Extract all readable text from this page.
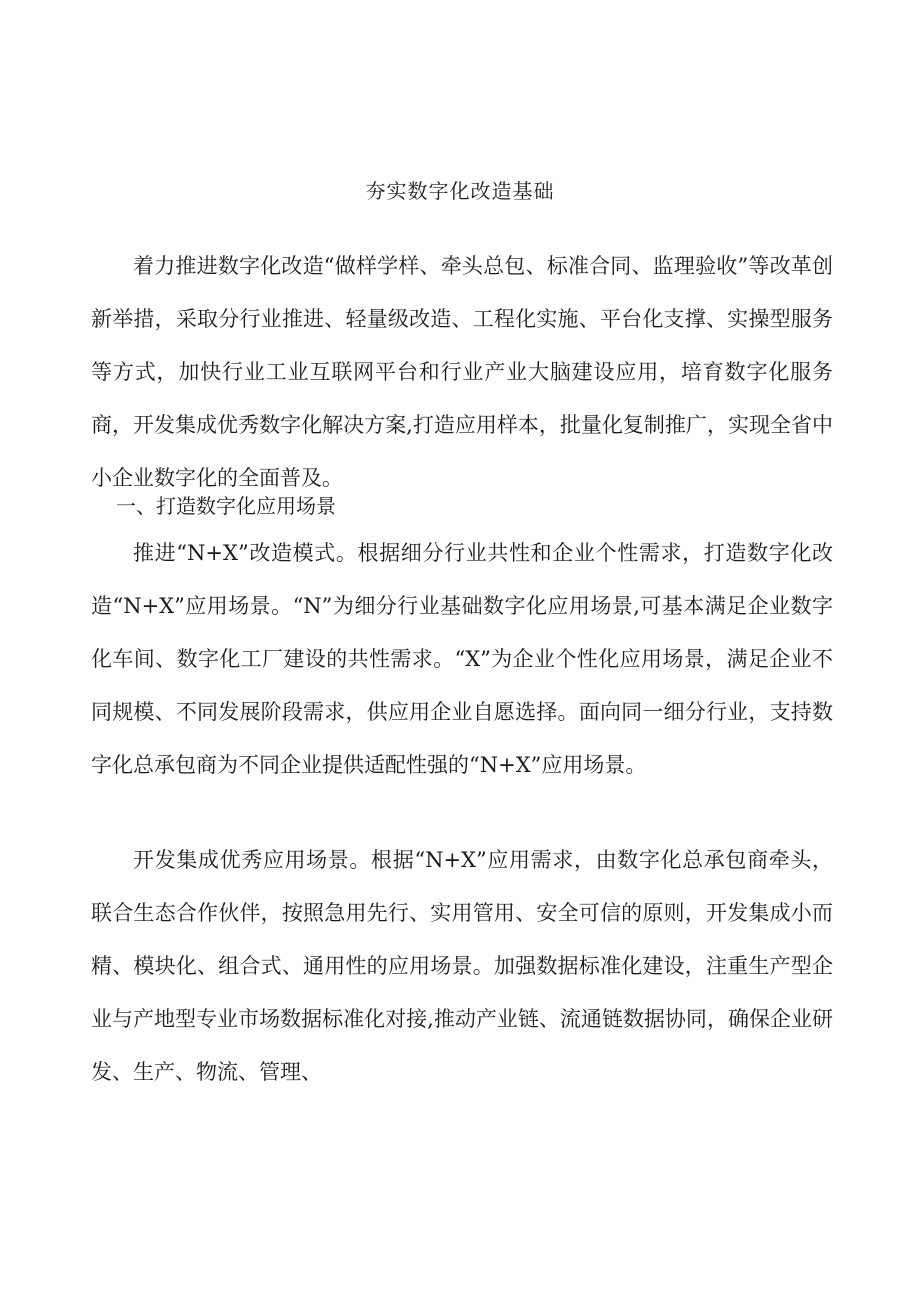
夯实数字化改造基础

着力推进数字化改造“做样学样、牵头总包、标准合同、监理验收”等改革创新举措，采取分行业推进、轻量级改造、工程化实施、平台化支撑、实操型服务等方式，加快行业工业互联网平台和行业产业大脑建设应用，培育数字化服务商，开发集成优秀数字化解决方案,打造应用样本，批量化复制推广，实现全省中小企业数字化的全面普及。

一、打造数字化应用场景

推进“N+X”改造模式。根据细分行业共性和企业个性需求，打造数字化改造“N+X”应用场景。“N”为细分行业基础数字化应用场景,可基本满足企业数字化车间、数字化工厂建设的共性需求。“X”为企业个性化应用场景，满足企业不同规模、不同发展阶段需求，供应用企业自愿选择。面向同一细分行业，支持数字化总承包商为不同企业提供适配性强的“N+X”应用场景。

开发集成优秀应用场景。根据“N+X”应用需求，由数字化总承包商牵头，联合生态合作伙伴，按照急用先行、实用管用、安全可信的原则，开发集成小而精、模块化、组合式、通用性的应用场景。加强数据标准化建设，注重生产型企业与产地型专业市场数据标准化对接,推动产业链、流通链数据协同，确保企业研发、生产、物流、管理、
